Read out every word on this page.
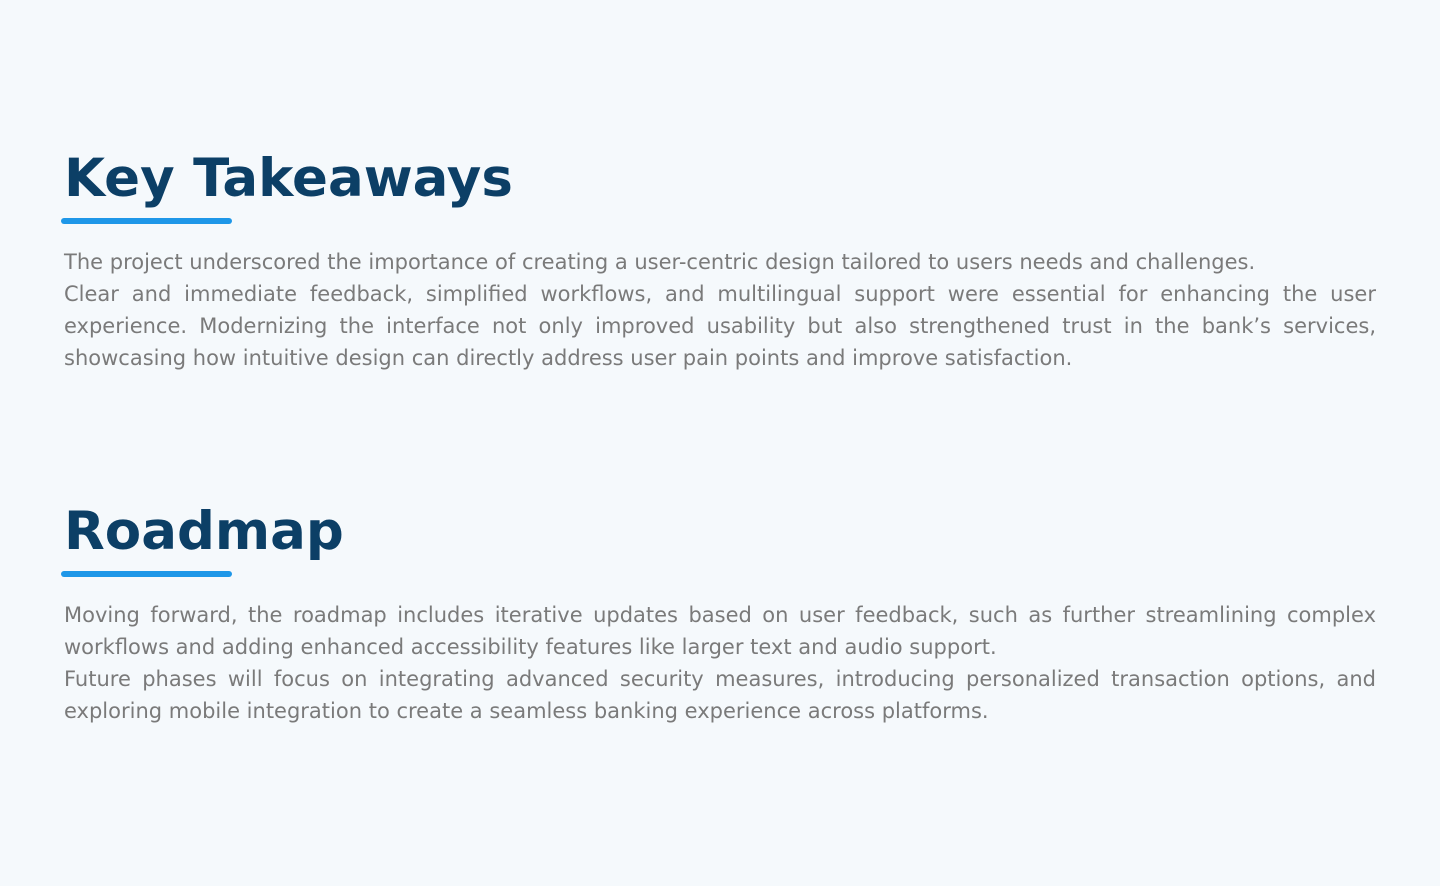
Key Takeaways

The project underscored the importance of creating a user-centric design tailored to users needs and challenges.

Clear and immediate feedback, simplified workflows, and multilingual support were essential for enhancing the user experience. Modernizing the interface not only improved usability but also strengthened trust in the bank’s services, showcasing how intuitive design can directly address user pain points and improve satisfaction.

Roadmap

Moving forward, the roadmap includes iterative updates based on user feedback, such as further streamlining complex workflows and adding enhanced accessibility features like larger text and audio support.

Future phases will focus on integrating advanced security measures, introducing personalized transaction options, and exploring mobile integration to create a seamless banking experience across platforms.
